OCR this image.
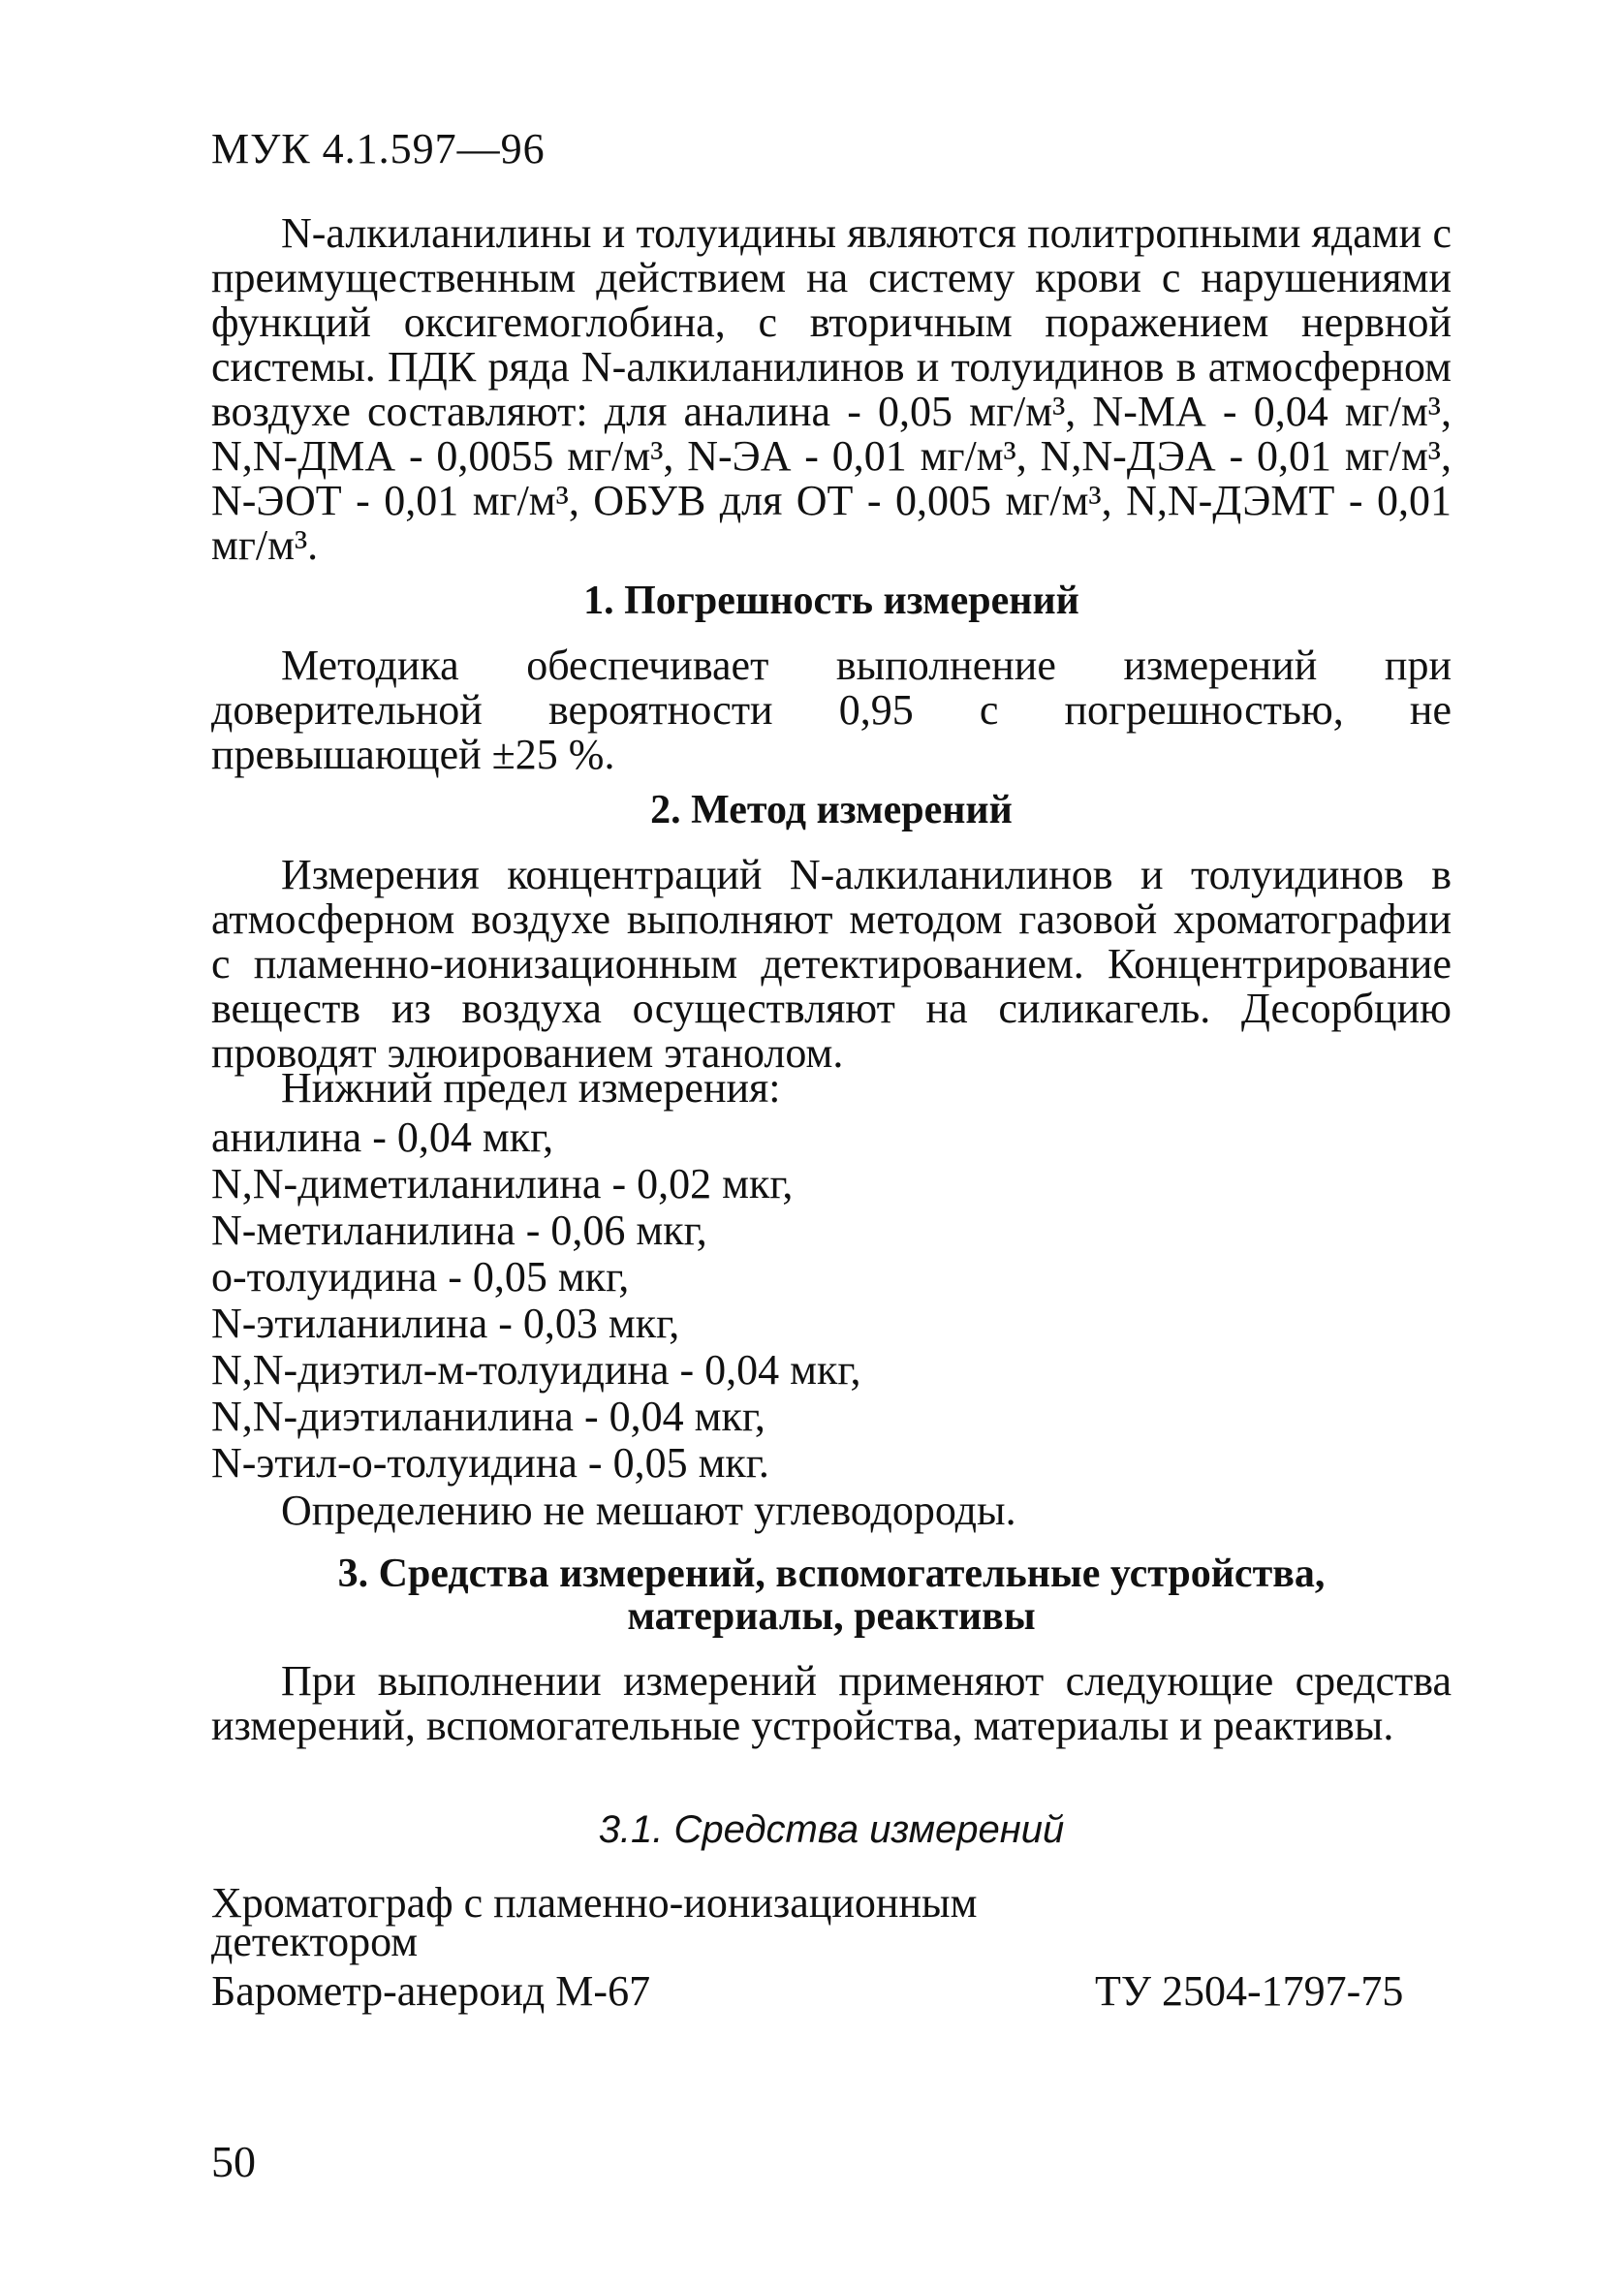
МУК 4.1.597—96

N-алкиланилины и толуидины являются политропными ядами с преимущественным действием на систему крови с нарушениями функций оксигемоглобина, с вторичным поражением нервной системы. ПДК ряда N-алкиланилинов и толуидинов в атмосферном воздухе составляют: для аналина - 0,05 мг/м³, N-МА - 0,04 мг/м³, N,N-ДМА - 0,0055 мг/м³, N-ЭА - 0,01 мг/м³, N,N-ДЭА - 0,01 мг/м³, N-ЭОТ - 0,01 мг/м³, ОБУВ для ОТ - 0,005 мг/м³, N,N-ДЭМТ - 0,01 мг/м³.

1. Погрешность измерений

Методика обеспечивает выполнение измерений при доверительной вероятности 0,95 с погрешностью, не превышающей ±25 %.

2. Метод измерений

Измерения концентраций N-алкиланилинов и толуидинов в атмосферном воздухе выполняют методом газовой хроматографии с пламенно-ионизационным детектированием. Концентрирование веществ из воздуха осуществляют на силикагель. Десорбцию проводят элюированием этанолом.

Нижний предел измерения:
анилина - 0,04 мкг,
N,N-диметиланилина - 0,02 мкг,
N-метиланилина - 0,06 мкг,
о-толуидина - 0,05 мкг,
N-этиланилина - 0,03 мкг,
N,N-диэтил-м-толуидина - 0,04 мкг,
N,N-диэтиланилина - 0,04 мкг,
N-этил-о-толуидина - 0,05 мкг.
Определению не мешают углеводороды.
3. Средства измерений, вспомогательные устройства,
материалы, реактивы

При выполнении измерений применяют следующие средства измерений, вспомогательные устройства, материалы и реактивы.

3.1. Средства измерений
Хроматограф с пламенно-ионизационным детектором
Барометр-анероид М-67	ТУ 2504-1797-75
50
